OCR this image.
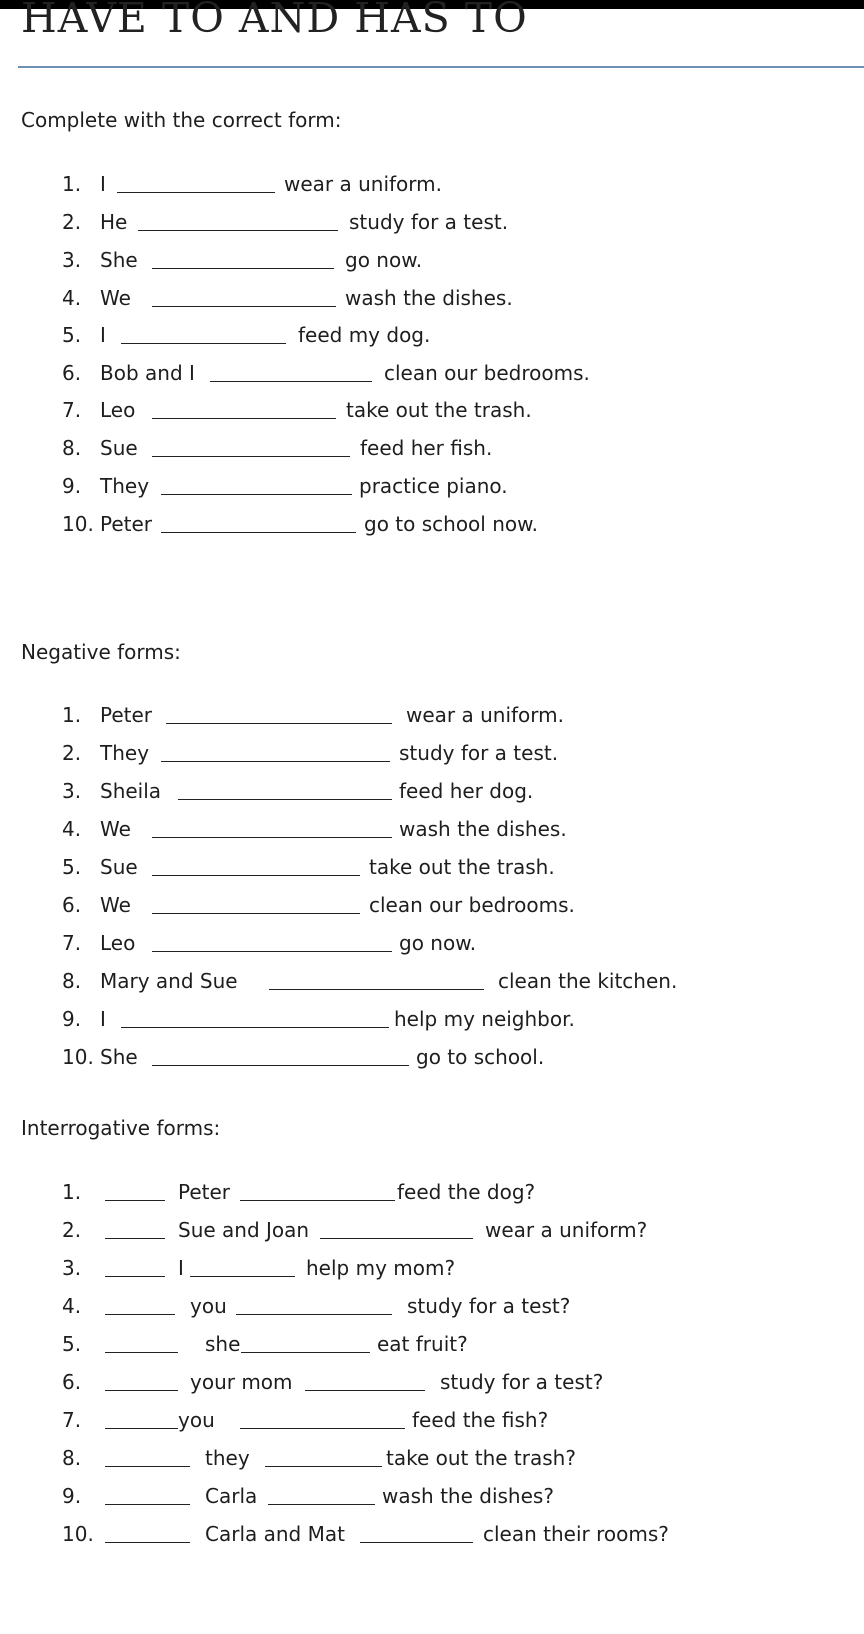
HAVE TO AND HAS TO
Complete with the correct form:
1. I	wear a uniform.
2. He	study for a test.
3. She	go now.
4. We	wash the dishes.
5. I	feed my dog.
6. Bob and I	clean our bedrooms.
7. Leo	take out the trash.
8. Sue	feed her fish.
9. They	practice piano.
10. Peter	go to school now.
Negative forms:
1. Peter	wear a uniform.
2. They	study for a test.
3. Sheila	feed her dog.
4. We	wash the dishes.
5. Sue	take out the trash.
6. We	clean our bedrooms.
7. Leo	go now.
8. Mary and Sue	clean the kitchen.
9. I	help my neighbor.
10. She	go to school.
Interrogative forms:
1.	Peter	feed the dog?
2.	Sue and Joan	wear a uniform?
3.	I	help my mom?
4.	you	study for a test?
5.	she	eat fruit?
6.	your mom	study for a test?
7.	you	feed the fish?
8.	they	take out the trash?
9.	Carla	wash the dishes?
10.	Carla and Mat	clean their rooms?
